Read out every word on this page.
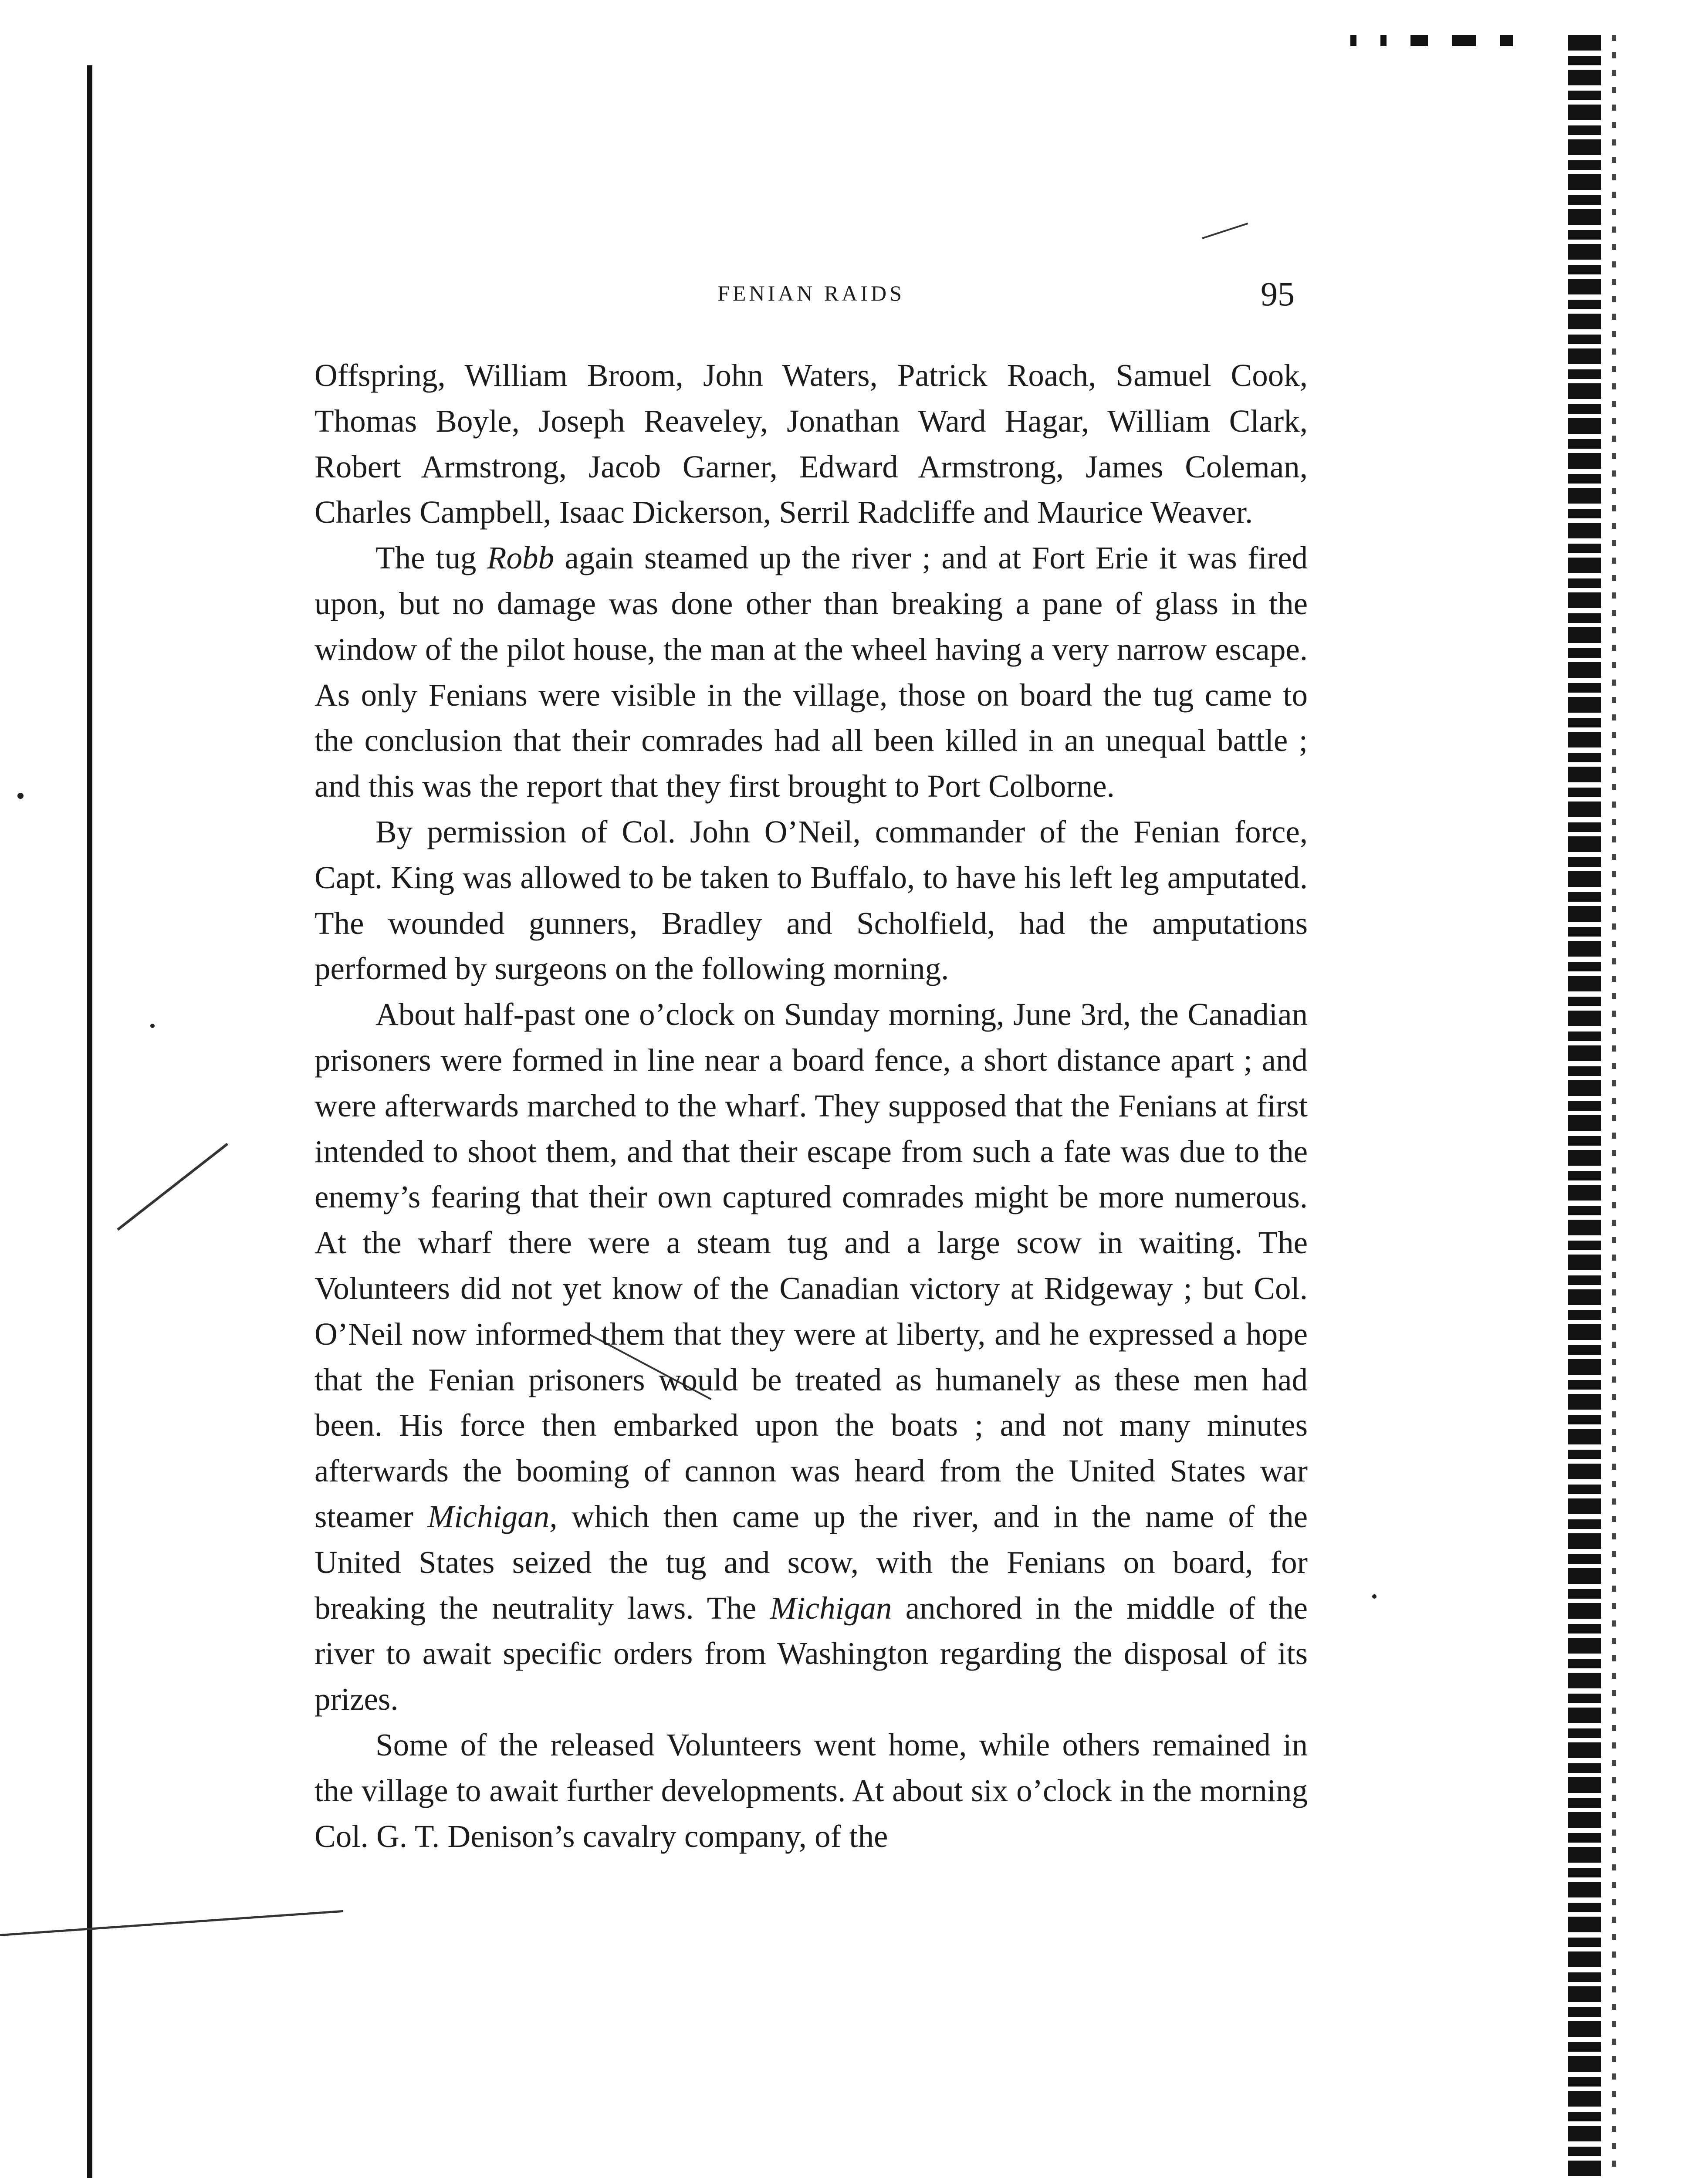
FENIAN RAIDS	95

Offspring, William Broom, John Waters, Patrick Roach, Samuel Cook, Thomas Boyle, Joseph Reaveley, Jonathan Ward Hagar, William Clark, Robert Armstrong, Jacob Garner, Edward Armstrong, James Coleman, Charles Campbell, Isaac Dickerson, Serril Radcliffe and Maurice Weaver.

The tug Robb again steamed up the river ; and at Fort Erie it was fired upon, but no damage was done other than breaking a pane of glass in the window of the pilot house, the man at the wheel having a very narrow escape. As only Fenians were visible in the village, those on board the tug came to the conclusion that their comrades had all been killed in an unequal battle ; and this was the report that they first brought to Port Colborne.

By permission of Col. John O’Neil, commander of the Fenian force, Capt. King was allowed to be taken to Buffalo, to have his left leg amputated. The wounded gunners, Bradley and Scholfield, had the amputations performed by surgeons on the following morning.

About half-past one o’clock on Sunday morning, June 3rd, the Canadian prisoners were formed in line near a board fence, a short distance apart ; and were afterwards marched to the wharf. They supposed that the Fenians at first intended to shoot them, and that their escape from such a fate was due to the enemy’s fearing that their own captured comrades might be more numerous. At the wharf there were a steam tug and a large scow in waiting. The Volunteers did not yet know of the Canadian victory at Ridgeway ; but Col. O’Neil now informed them that they were at liberty, and he expressed a hope that the Fenian prisoners would be treated as humanely as these men had been. His force then embarked upon the boats ; and not many minutes afterwards the booming of cannon was heard from the United States war steamer Michigan, which then came up the river, and in the name of the United States seized the tug and scow, with the Fenians on board, for breaking the neutrality laws. The Michigan anchored in the middle of the river to await specific orders from Washington regarding the disposal of its prizes.

Some of the released Volunteers went home, while others remained in the village to await further developments. At about six o’clock in the morning Col. G. T. Denison’s cavalry company, of the
